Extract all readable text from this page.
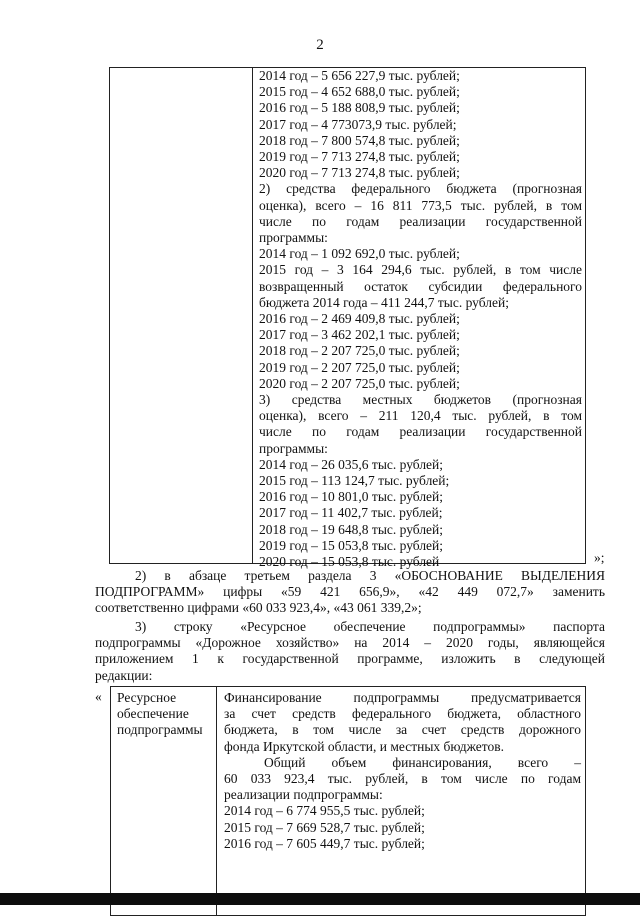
2
2014 год – 5 656 227,9 тыс. рублей;
2015 год – 4 652 688,0 тыс. рублей;
2016 год – 5 188 808,9 тыс. рублей;
2017 год – 4 773073,9 тыс. рублей;
2018 год – 7 800 574,8 тыс. рублей;
2019 год – 7 713 274,8 тыс. рублей;
2020 год – 7 713 274,8 тыс. рублей;
2) средства федерального бюджета (прогнозная
оценка), всего – 16 811 773,5 тыс. рублей, в том
числе по годам реализации государственной
программы:
2014 год – 1 092 692,0 тыс. рублей;
2015 год – 3 164 294,6 тыс. рублей, в том числе
возвращенный остаток субсидии федерального
бюджета 2014 года – 411 244,7 тыс. рублей;
2016 год – 2 469 409,8 тыс. рублей;
2017 год – 3 462 202,1 тыс. рублей;
2018 год – 2 207 725,0 тыс. рублей;
2019 год – 2 207 725,0 тыс. рублей;
2020 год – 2 207 725,0 тыс. рублей;
3) средства местных бюджетов (прогнозная
оценка), всего – 211 120,4 тыс. рублей, в том
числе по годам реализации государственной
программы:
2014 год – 26 035,6 тыс. рублей;
2015 год – 113 124,7 тыс. рублей;
2016 год – 10 801,0 тыс. рублей;
2017 год – 11 402,7 тыс. рублей;
2018 год – 19 648,8 тыс. рублей;
2019 год – 15 053,8 тыс. рублей;
2020 год – 15 053,8 тыс. рублей	»;
2) в абзаце третьем раздела 3 «ОБОСНОВАНИЕ ВЫДЕЛЕНИЯ
ПОДПРОГРАММ» цифры «59 421 656,9», «42 449 072,7» заменить
соответственно цифрами «60 033 923,4», «43 061 339,2»;
3) строку «Ресурсное обеспечение подпрограммы» паспорта
подпрограммы «Дорожное хозяйство» на 2014 – 2020 годы, являющейся
приложением 1 к государственной программе, изложить в следующей
редакции:
« Ресурсное
обеспечение
подпрограммы
Финансирование подпрограммы предусматривается
за счет средств федерального бюджета, областного
бюджета, в том числе за счет средств дорожного
фонда Иркутской области, и местных бюджетов.
Общий объем финансирования, всего –
60 033 923,4 тыс. рублей, в том числе по годам
реализации подпрограммы:
2014 год – 6 774 955,5 тыс. рублей;
2015 год – 7 669 528,7 тыс. рублей;
2016 год – 7 605 449,7 тыс. рублей;
